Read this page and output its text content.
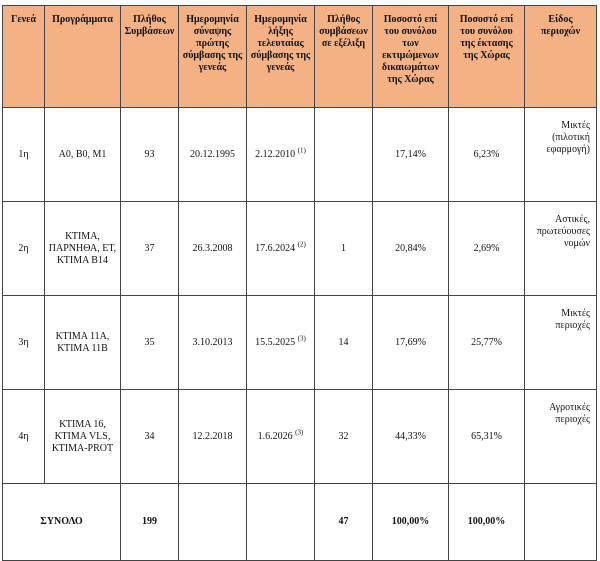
Γενεά	Προγράμματα	Πλήθος Συμβάσεων	Ημερομηνία σύναψης πρώτης σύμβασης της γενεάς	Ημερομηνία λήξης τελευταίας σύμβασης της γενεάς	Πλήθος συμβάσεων σε εξέλιξη	Ποσοστό επί του συνόλου των εκτιμώμενων δικαιωμάτων της Χώρας	Ποσοστό επί του συνόλου της έκτασης της Χώρας	Είδος περιοχών
1η	Α0, Β0, Μ1	93	20.12.1995	2.12.2010 $^{(1)}$		17,14%	6,23%	Μικτές (πιλοτική εφαρμογή)
2η	ΚΤΙΜΑ, ΠΑΡΝΗΘΑ, ΕΤ, ΚΤΙΜΑ Β14	37	26.3.2008	17.6.2024 $^{(2)}$	1	20,84%	2,69%	Αστικές, πρωτεύουσες νομών
3η	ΚΤΙΜΑ 11Α, ΚΤΙΜΑ 11Β	35	3.10.2013	15.5.2025 $^{(3)}$	14	17,69%	25,77%	Μικτές περιοχές
4η	ΚΤΙΜΑ 16, ΚΤΙΜΑ VLS, ΚΤΙΜΑ-PROT	34	12.2.2018	1.6.2026 $^{(3)}$	32	44,33%	65,31%	Αγροτικές περιοχές
ΣΥΝΟΛΟ		199			47	100,00%	100,00%	
